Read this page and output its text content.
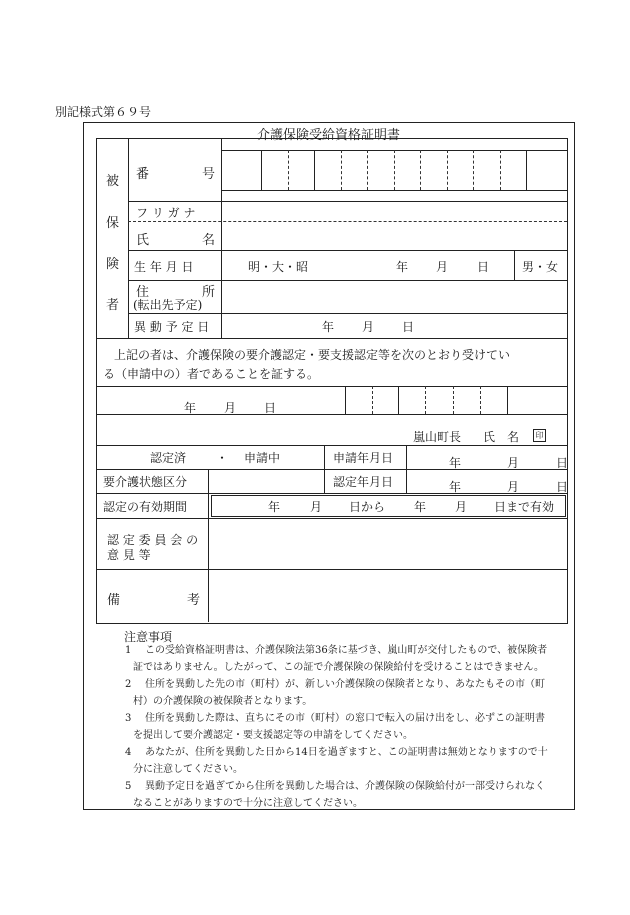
別記様式第６９号
介護保険受給資格証明書
被
保
険
者
番	号
フ リ ガ ナ
氏	名
生 年 月 日	明・大・昭	年 月 日	男・女
住	所
(転出先予定)
異 動 予 定 日	年 月 日
上記の者は、介護保険の要介護認定・要支援認定等を次のとおり受けてい
る（申請中の）者であることを証する。
年 月 日
嵐山町長 氏　名	印
認定済 ・ 申請中	申請年月日	年	月	日
要介護状態区分	認定年月日	年	月	日
認定の有効期間	年 月 日から 年 月 日まで有効
認 定 委 員 会 の
意 見 等
備	考
注意事項
1 この受給資格証明書は、介護保険法第36条に基づき、嵐山町が交付したもので、被保険者
証ではありません。したがって、この証で介護保険の保険給付を受けることはできません。
2 住所を異動した先の市（町村）が、新しい介護保険の保険者となり、あなたもその市（町
村）の介護保険の被保険者となります。
3 住所を異動した際は、直ちにその市（町村）の窓口で転入の届け出をし、必ずこの証明書
を提出して要介護認定・要支援認定等の申請をしてください。
4 あなたが、住所を異動した日から14日を過ぎますと、この証明書は無効となりますので十
分に注意してください。
5 異動予定日を過ぎてから住所を異動した場合は、介護保険の保険給付が一部受けられなく
なることがありますので十分に注意してください。
